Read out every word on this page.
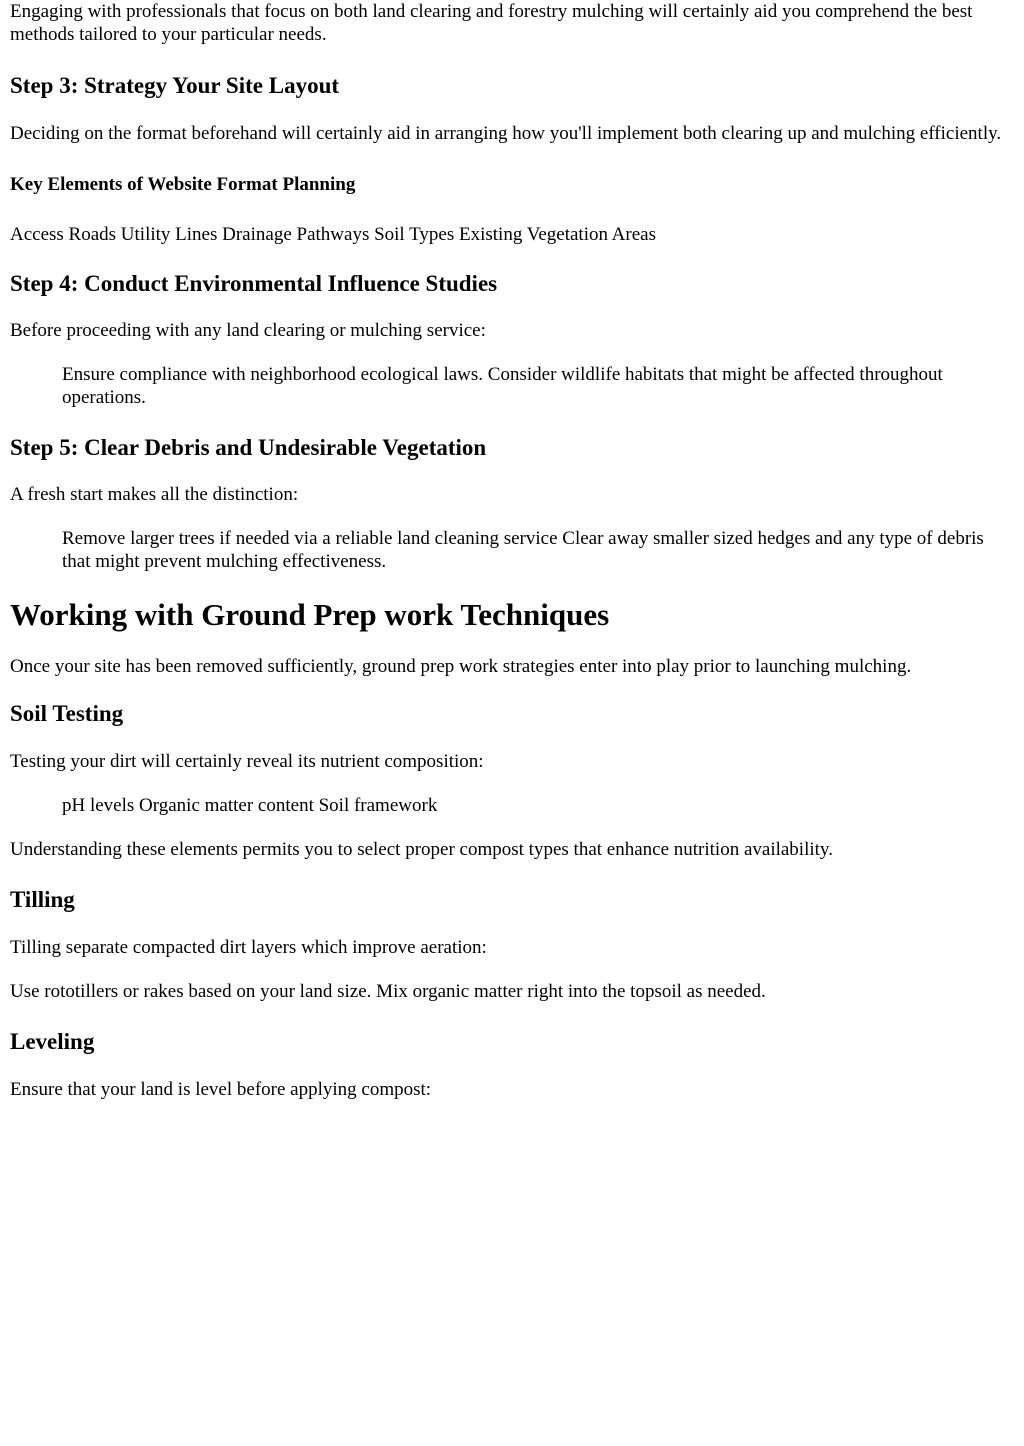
Engaging with professionals that focus on both land clearing and forestry mulching will certainly aid you comprehend the best methods tailored to your particular needs.

Step 3: Strategy Your Site Layout

Deciding on the format beforehand will certainly aid in arranging how you'll implement both clearing up and mulching efficiently.

Key Elements of Website Format Planning

Access Roads Utility Lines Drainage Pathways Soil Types Existing Vegetation Areas

Step 4: Conduct Environmental Influence Studies

Before proceeding with any land clearing or mulching service:

Ensure compliance with neighborhood ecological laws. Consider wildlife habitats that might be affected throughout operations.
Step 5: Clear Debris and Undesirable Vegetation

A fresh start makes all the distinction:

Remove larger trees if needed via a reliable land cleaning service Clear away smaller sized hedges and any type of debris that might prevent mulching effectiveness.
Working with Ground Prep work Techniques

Once your site has been removed sufficiently, ground prep work strategies enter into play prior to launching mulching.

Soil Testing

Testing your dirt will certainly reveal its nutrient composition:

pH levels Organic matter content Soil framework

Understanding these elements permits you to select proper compost types that enhance nutrition availability.

Tilling

Tilling separate compacted dirt layers which improve aeration:

Use rototillers or rakes based on your land size. Mix organic matter right into the topsoil as needed.

Leveling

Ensure that your land is level before applying compost:
